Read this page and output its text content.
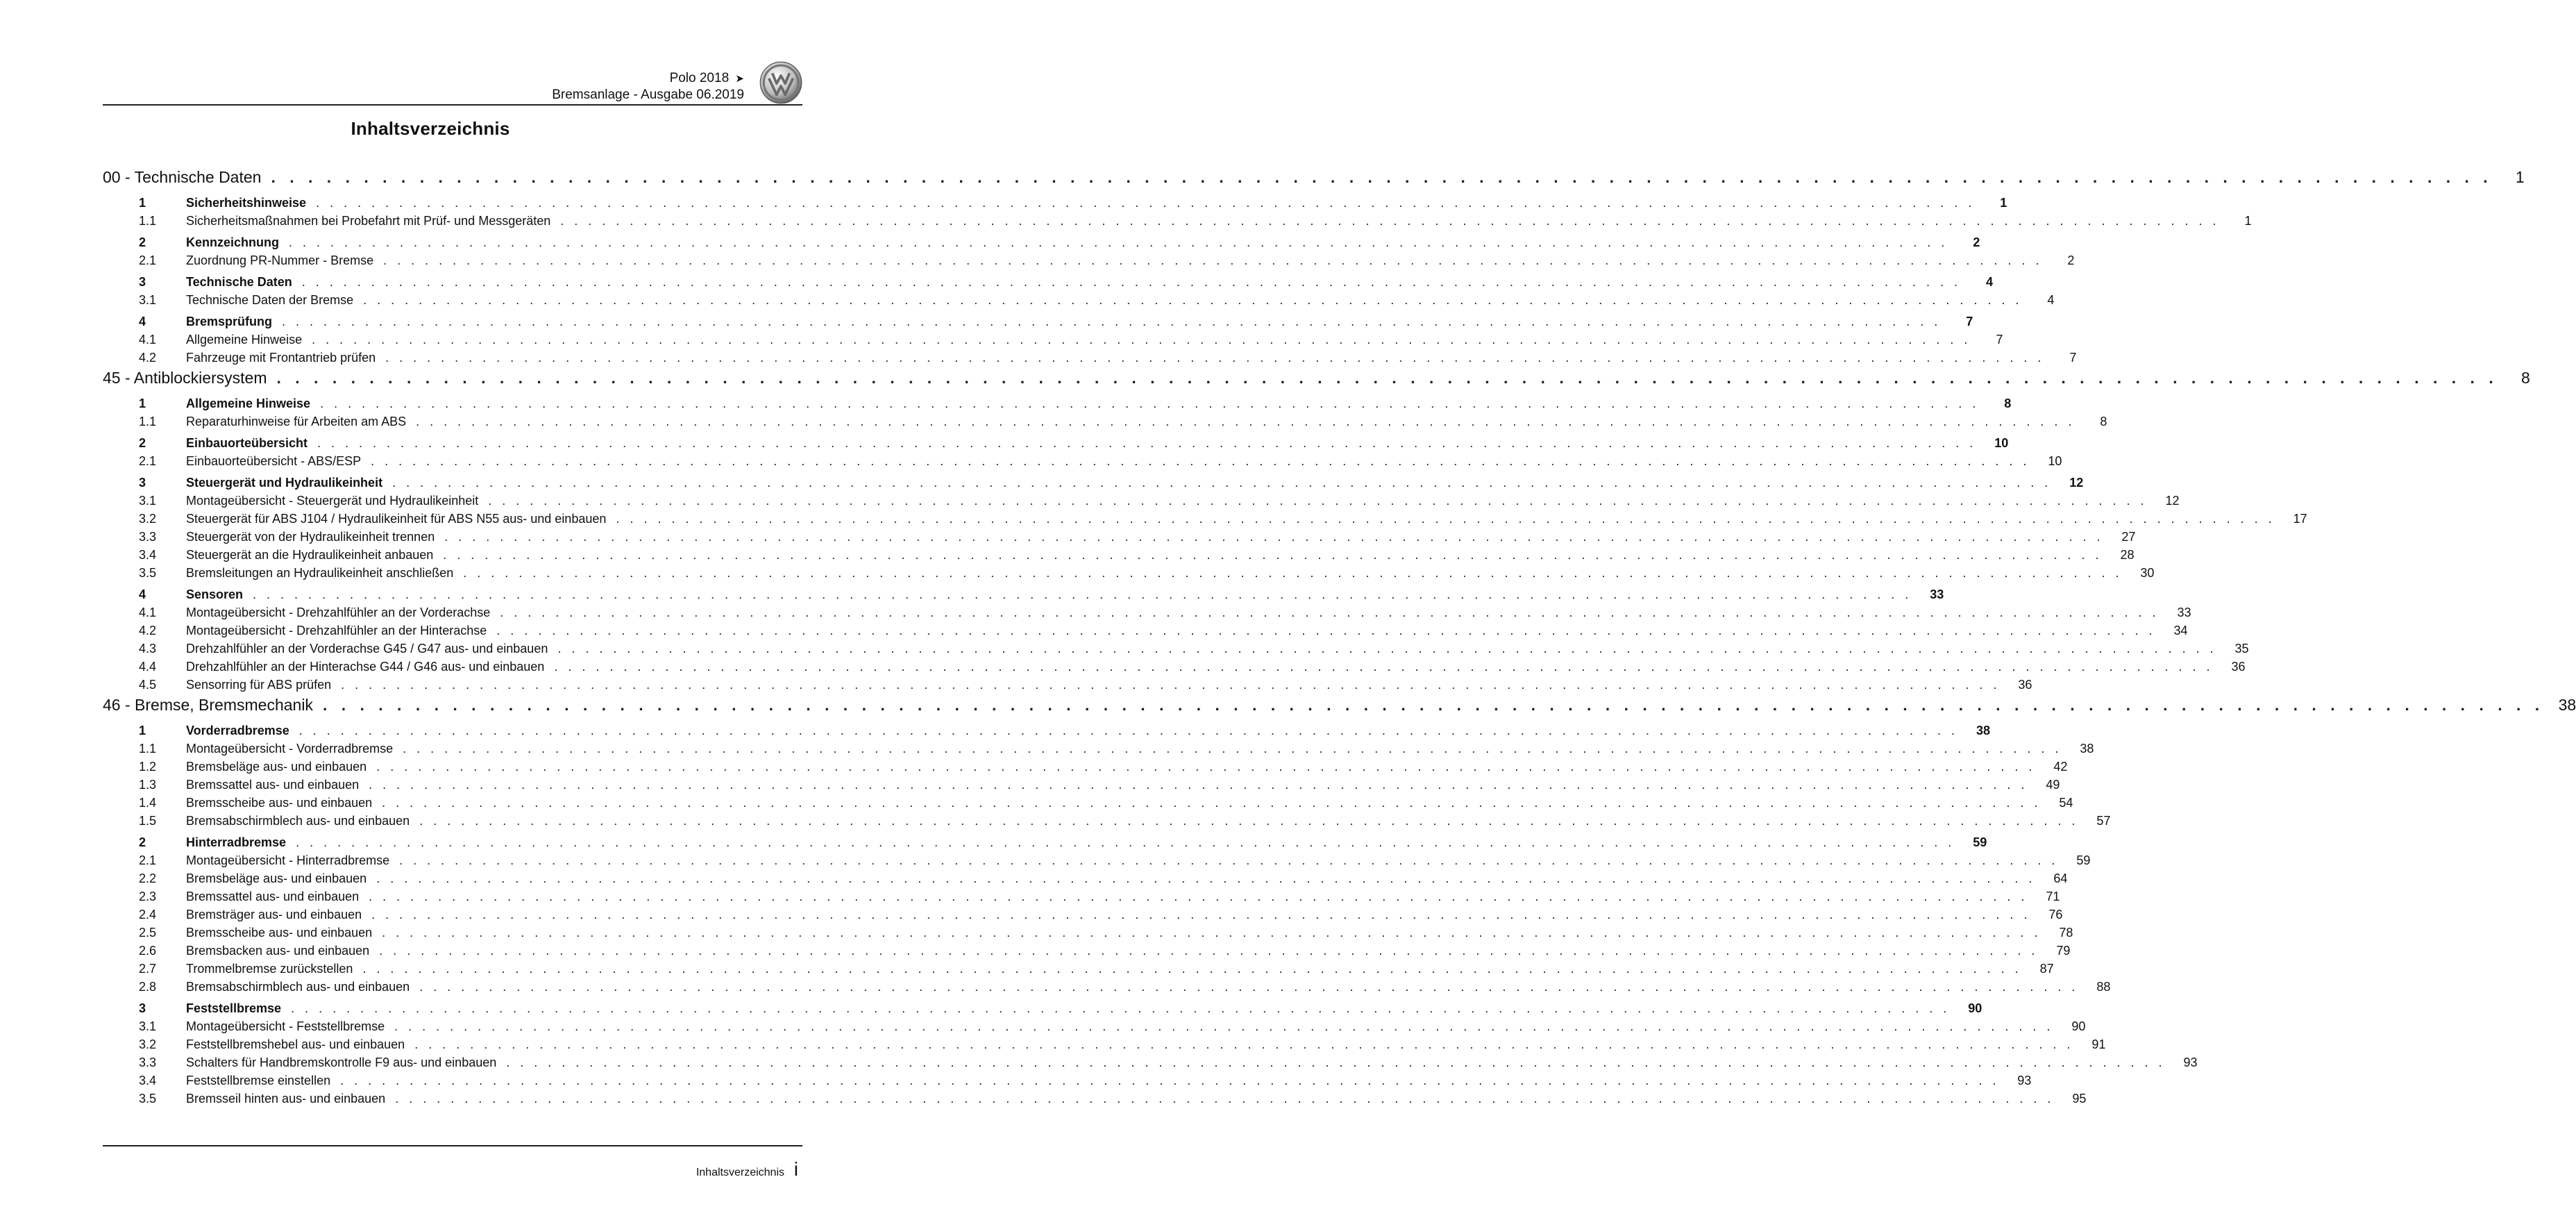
Polo 2018 ➤
Bremsanlage - Ausgabe 06.2019
Inhaltsverzeichnis
00 - Technische Daten . . . . . . . . . . . . . . . . . . . . . . . . . . . . . . . . . . . . . . . . . . . . . . . . . . . . . . . . . . . . . . . . . . . . . . . . . . . . . . . . . . . . . . . . . . . . . . . . . . . . . . . . . . . . . . . . . . . . . . . .	1
1	Sicherheitshinweise . . . . . . . . . . . . . . . . . . . . . . . . . . . . . . . . . . . . . . . . . . . . . . . . . . . . . . . . . . . . . . . . . . . . . . . . . . . . . . . . . . . . . . . . . . . . . . . . . . . . . . . . . . . . . . . . . . . . . . . .	1
1.1	Sicherheitsmaßnahmen bei Probefahrt mit Prüf- und Messgeräten . . . . . . . . . . . . . . . . . . . . . . . . . . . . . . . . . . . . . . . . . . . . . . . . . . . . . . . . . . . . . . . . . . . . . . . . . . . . . . . . . . . . . . . . . . . . . . . . . . . . . . . . . . . . . . . . . . . . . . . .	1
2	Kennzeichnung . . . . . . . . . . . . . . . . . . . . . . . . . . . . . . . . . . . . . . . . . . . . . . . . . . . . . . . . . . . . . . . . . . . . . . . . . . . . . . . . . . . . . . . . . . . . . . . . . . . . . . . . . . . . . . . . . . . . . . . .	2
2.1	Zuordnung PR-Nummer - Bremse . . . . . . . . . . . . . . . . . . . . . . . . . . . . . . . . . . . . . . . . . . . . . . . . . . . . . . . . . . . . . . . . . . . . . . . . . . . . . . . . . . . . . . . . . . . . . . . . . . . . . . . . . . . . . . . . . . . . . . . .	2
3	Technische Daten . . . . . . . . . . . . . . . . . . . . . . . . . . . . . . . . . . . . . . . . . . . . . . . . . . . . . . . . . . . . . . . . . . . . . . . . . . . . . . . . . . . . . . . . . . . . . . . . . . . . . . . . . . . . . . . . . . . . . . . .	4
3.1	Technische Daten der Bremse . . . . . . . . . . . . . . . . . . . . . . . . . . . . . . . . . . . . . . . . . . . . . . . . . . . . . . . . . . . . . . . . . . . . . . . . . . . . . . . . . . . . . . . . . . . . . . . . . . . . . . . . . . . . . . . . . . . . . . . .	4
4	Bremsprüfung . . . . . . . . . . . . . . . . . . . . . . . . . . . . . . . . . . . . . . . . . . . . . . . . . . . . . . . . . . . . . . . . . . . . . . . . . . . . . . . . . . . . . . . . . . . . . . . . . . . . . . . . . . . . . . . . . . . . . . . .	7
4.1	Allgemeine Hinweise . . . . . . . . . . . . . . . . . . . . . . . . . . . . . . . . . . . . . . . . . . . . . . . . . . . . . . . . . . . . . . . . . . . . . . . . . . . . . . . . . . . . . . . . . . . . . . . . . . . . . . . . . . . . . . . . . . . . . . . .	7
4.2	Fahrzeuge mit Frontantrieb prüfen . . . . . . . . . . . . . . . . . . . . . . . . . . . . . . . . . . . . . . . . . . . . . . . . . . . . . . . . . . . . . . . . . . . . . . . . . . . . . . . . . . . . . . . . . . . . . . . . . . . . . . . . . . . . . . . . . . . . . . . .	7
45 - Antiblockiersystem . . . . . . . . . . . . . . . . . . . . . . . . . . . . . . . . . . . . . . . . . . . . . . . . . . . . . . . . . . . . . . . . . . . . . . . . . . . . . . . . . . . . . . . . . . . . . . . . . . . . . . . . . . . . . . . . . . . . . . . .	8
1	Allgemeine Hinweise . . . . . . . . . . . . . . . . . . . . . . . . . . . . . . . . . . . . . . . . . . . . . . . . . . . . . . . . . . . . . . . . . . . . . . . . . . . . . . . . . . . . . . . . . . . . . . . . . . . . . . . . . . . . . . . . . . . . . . . .	8
1.1	Reparaturhinweise für Arbeiten am ABS . . . . . . . . . . . . . . . . . . . . . . . . . . . . . . . . . . . . . . . . . . . . . . . . . . . . . . . . . . . . . . . . . . . . . . . . . . . . . . . . . . . . . . . . . . . . . . . . . . . . . . . . . . . . . . . . . . . . . . . .	8
2	Einbauorteübersicht . . . . . . . . . . . . . . . . . . . . . . . . . . . . . . . . . . . . . . . . . . . . . . . . . . . . . . . . . . . . . . . . . . . . . . . . . . . . . . . . . . . . . . . . . . . . . . . . . . . . . . . . . . . . . . . . . . . . . . . .	10
2.1	Einbauorteübersicht - ABS/ESP . . . . . . . . . . . . . . . . . . . . . . . . . . . . . . . . . . . . . . . . . . . . . . . . . . . . . . . . . . . . . . . . . . . . . . . . . . . . . . . . . . . . . . . . . . . . . . . . . . . . . . . . . . . . . . . . . . . . . . . .	10
3	Steuergerät und Hydraulikeinheit . . . . . . . . . . . . . . . . . . . . . . . . . . . . . . . . . . . . . . . . . . . . . . . . . . . . . . . . . . . . . . . . . . . . . . . . . . . . . . . . . . . . . . . . . . . . . . . . . . . . . . . . . . . . . . . . . . . . . . . .	12
3.1	Montageübersicht - Steuergerät und Hydraulikeinheit . . . . . . . . . . . . . . . . . . . . . . . . . . . . . . . . . . . . . . . . . . . . . . . . . . . . . . . . . . . . . . . . . . . . . . . . . . . . . . . . . . . . . . . . . . . . . . . . . . . . . . . . . . . . . . . . . . . . . . . .	12
3.2	Steuergerät für ABS J104 / Hydraulikeinheit für ABS N55 aus- und einbauen . . . . . . . . . . . . . . . . . . . . . . . . . . . . . . . . . . . . . . . . . . . . . . . . . . . . . . . . . . . . . . . . . . . . . . . . . . . . . . . . . . . . . . . . . . . . . . . . . . . . . . . . . . . . . . . . . . . . . . . .	17
3.3	Steuergerät von der Hydraulikeinheit trennen . . . . . . . . . . . . . . . . . . . . . . . . . . . . . . . . . . . . . . . . . . . . . . . . . . . . . . . . . . . . . . . . . . . . . . . . . . . . . . . . . . . . . . . . . . . . . . . . . . . . . . . . . . . . . . . . . . . . . . . .	27
3.4	Steuergerät an die Hydraulikeinheit anbauen . . . . . . . . . . . . . . . . . . . . . . . . . . . . . . . . . . . . . . . . . . . . . . . . . . . . . . . . . . . . . . . . . . . . . . . . . . . . . . . . . . . . . . . . . . . . . . . . . . . . . . . . . . . . . . . . . . . . . . . .	28
3.5	Bremsleitungen an Hydraulikeinheit anschließen . . . . . . . . . . . . . . . . . . . . . . . . . . . . . . . . . . . . . . . . . . . . . . . . . . . . . . . . . . . . . . . . . . . . . . . . . . . . . . . . . . . . . . . . . . . . . . . . . . . . . . . . . . . . . . . . . . . . . . . .	30
4	Sensoren . . . . . . . . . . . . . . . . . . . . . . . . . . . . . . . . . . . . . . . . . . . . . . . . . . . . . . . . . . . . . . . . . . . . . . . . . . . . . . . . . . . . . . . . . . . . . . . . . . . . . . . . . . . . . . . . . . . . . . . .	33
4.1	Montageübersicht - Drehzahlfühler an der Vorderachse . . . . . . . . . . . . . . . . . . . . . . . . . . . . . . . . . . . . . . . . . . . . . . . . . . . . . . . . . . . . . . . . . . . . . . . . . . . . . . . . . . . . . . . . . . . . . . . . . . . . . . . . . . . . . . . . . . . . . . . .	33
4.2	Montageübersicht - Drehzahlfühler an der Hinterachse . . . . . . . . . . . . . . . . . . . . . . . . . . . . . . . . . . . . . . . . . . . . . . . . . . . . . . . . . . . . . . . . . . . . . . . . . . . . . . . . . . . . . . . . . . . . . . . . . . . . . . . . . . . . . . . . . . . . . . . .	34
4.3	Drehzahlfühler an der Vorderachse G45 / G47 aus- und einbauen . . . . . . . . . . . . . . . . . . . . . . . . . . . . . . . . . . . . . . . . . . . . . . . . . . . . . . . . . . . . . . . . . . . . . . . . . . . . . . . . . . . . . . . . . . . . . . . . . . . . . . . . . . . . . . . . . . . . . . . .	35
4.4	Drehzahlfühler an der Hinterachse G44 / G46 aus- und einbauen . . . . . . . . . . . . . . . . . . . . . . . . . . . . . . . . . . . . . . . . . . . . . . . . . . . . . . . . . . . . . . . . . . . . . . . . . . . . . . . . . . . . . . . . . . . . . . . . . . . . . . . . . . . . . . . . . . . . . . . .	36
4.5	Sensorring für ABS prüfen . . . . . . . . . . . . . . . . . . . . . . . . . . . . . . . . . . . . . . . . . . . . . . . . . . . . . . . . . . . . . . . . . . . . . . . . . . . . . . . . . . . . . . . . . . . . . . . . . . . . . . . . . . . . . . . . . . . . . . . .	36
46 - Bremse, Bremsmechanik . . . . . . . . . . . . . . . . . . . . . . . . . . . . . . . . . . . . . . . . . . . . . . . . . . . . . . . . . . . . . . . . . . . . . . . . . . . . . . . . . . . . . . . . . . . . . . . . . . . . . . . . . . . . . . . . . . . . . . . . 38
1	Vorderradbremse . . . . . . . . . . . . . . . . . . . . . . . . . . . . . . . . . . . . . . . . . . . . . . . . . . . . . . . . . . . . . . . . . . . . . . . . . . . . . . . . . . . . . . . . . . . . . . . . . . . . . . . . . . . . . . . . . . . . . . . .	38
1.1	Montageübersicht - Vorderradbremse . . . . . . . . . . . . . . . . . . . . . . . . . . . . . . . . . . . . . . . . . . . . . . . . . . . . . . . . . . . . . . . . . . . . . . . . . . . . . . . . . . . . . . . . . . . . . . . . . . . . . . . . . . . . . . . . . . . . . . . .	38
1.2	Bremsbeläge aus- und einbauen . . . . . . . . . . . . . . . . . . . . . . . . . . . . . . . . . . . . . . . . . . . . . . . . . . . . . . . . . . . . . . . . . . . . . . . . . . . . . . . . . . . . . . . . . . . . . . . . . . . . . . . . . . . . . . . . . . . . . . . .	42
1.3	Bremssattel aus- und einbauen . . . . . . . . . . . . . . . . . . . . . . . . . . . . . . . . . . . . . . . . . . . . . . . . . . . . . . . . . . . . . . . . . . . . . . . . . . . . . . . . . . . . . . . . . . . . . . . . . . . . . . . . . . . . . . . . . . . . . . . .	49
1.4	Bremsscheibe aus- und einbauen . . . . . . . . . . . . . . . . . . . . . . . . . . . . . . . . . . . . . . . . . . . . . . . . . . . . . . . . . . . . . . . . . . . . . . . . . . . . . . . . . . . . . . . . . . . . . . . . . . . . . . . . . . . . . . . . . . . . . . . .	54
1.5	Bremsabschirmblech aus- und einbauen . . . . . . . . . . . . . . . . . . . . . . . . . . . . . . . . . . . . . . . . . . . . . . . . . . . . . . . . . . . . . . . . . . . . . . . . . . . . . . . . . . . . . . . . . . . . . . . . . . . . . . . . . . . . . . . . . . . . . . . .	57
2	Hinterradbremse . . . . . . . . . . . . . . . . . . . . . . . . . . . . . . . . . . . . . . . . . . . . . . . . . . . . . . . . . . . . . . . . . . . . . . . . . . . . . . . . . . . . . . . . . . . . . . . . . . . . . . . . . . . . . . . . . . . . . . . .	59
2.1	Montageübersicht - Hinterradbremse . . . . . . . . . . . . . . . . . . . . . . . . . . . . . . . . . . . . . . . . . . . . . . . . . . . . . . . . . . . . . . . . . . . . . . . . . . . . . . . . . . . . . . . . . . . . . . . . . . . . . . . . . . . . . . . . . . . . . . . .	59
2.2	Bremsbeläge aus- und einbauen . . . . . . . . . . . . . . . . . . . . . . . . . . . . . . . . . . . . . . . . . . . . . . . . . . . . . . . . . . . . . . . . . . . . . . . . . . . . . . . . . . . . . . . . . . . . . . . . . . . . . . . . . . . . . . . . . . . . . . . .	64
2.3	Bremssattel aus- und einbauen . . . . . . . . . . . . . . . . . . . . . . . . . . . . . . . . . . . . . . . . . . . . . . . . . . . . . . . . . . . . . . . . . . . . . . . . . . . . . . . . . . . . . . . . . . . . . . . . . . . . . . . . . . . . . . . . . . . . . . . .	71
2.4	Bremsträger aus- und einbauen . . . . . . . . . . . . . . . . . . . . . . . . . . . . . . . . . . . . . . . . . . . . . . . . . . . . . . . . . . . . . . . . . . . . . . . . . . . . . . . . . . . . . . . . . . . . . . . . . . . . . . . . . . . . . . . . . . . . . . . .	76
2.5	Bremsscheibe aus- und einbauen . . . . . . . . . . . . . . . . . . . . . . . . . . . . . . . . . . . . . . . . . . . . . . . . . . . . . . . . . . . . . . . . . . . . . . . . . . . . . . . . . . . . . . . . . . . . . . . . . . . . . . . . . . . . . . . . . . . . . . . .	78
2.6	Bremsbacken aus- und einbauen . . . . . . . . . . . . . . . . . . . . . . . . . . . . . . . . . . . . . . . . . . . . . . . . . . . . . . . . . . . . . . . . . . . . . . . . . . . . . . . . . . . . . . . . . . . . . . . . . . . . . . . . . . . . . . . . . . . . . . . .	79
2.7	Trommelbremse zurückstellen . . . . . . . . . . . . . . . . . . . . . . . . . . . . . . . . . . . . . . . . . . . . . . . . . . . . . . . . . . . . . . . . . . . . . . . . . . . . . . . . . . . . . . . . . . . . . . . . . . . . . . . . . . . . . . . . . . . . . . . .	87
2.8	Bremsabschirmblech aus- und einbauen . . . . . . . . . . . . . . . . . . . . . . . . . . . . . . . . . . . . . . . . . . . . . . . . . . . . . . . . . . . . . . . . . . . . . . . . . . . . . . . . . . . . . . . . . . . . . . . . . . . . . . . . . . . . . . . . . . . . . . . .	88
3	Feststellbremse . . . . . . . . . . . . . . . . . . . . . . . . . . . . . . . . . . . . . . . . . . . . . . . . . . . . . . . . . . . . . . . . . . . . . . . . . . . . . . . . . . . . . . . . . . . . . . . . . . . . . . . . . . . . . . . . . . . . . . . .	90
3.1	Montageübersicht - Feststellbremse . . . . . . . . . . . . . . . . . . . . . . . . . . . . . . . . . . . . . . . . . . . . . . . . . . . . . . . . . . . . . . . . . . . . . . . . . . . . . . . . . . . . . . . . . . . . . . . . . . . . . . . . . . . . . . . . . . . . . . . .	90
3.2	Feststellbremshebel aus- und einbauen . . . . . . . . . . . . . . . . . . . . . . . . . . . . . . . . . . . . . . . . . . . . . . . . . . . . . . . . . . . . . . . . . . . . . . . . . . . . . . . . . . . . . . . . . . . . . . . . . . . . . . . . . . . . . . . . . . . . . . . .	91
3.3	Schalters für Handbremskontrolle F9 aus- und einbauen . . . . . . . . . . . . . . . . . . . . . . . . . . . . . . . . . . . . . . . . . . . . . . . . . . . . . . . . . . . . . . . . . . . . . . . . . . . . . . . . . . . . . . . . . . . . . . . . . . . . . . . . . . . . . . . . . . . . . . . .	93
3.4	Feststellbremse einstellen . . . . . . . . . . . . . . . . . . . . . . . . . . . . . . . . . . . . . . . . . . . . . . . . . . . . . . . . . . . . . . . . . . . . . . . . . . . . . . . . . . . . . . . . . . . . . . . . . . . . . . . . . . . . . . . . . . . . . . . .	93
3.5	Bremsseil hinten aus- und einbauen . . . . . . . . . . . . . . . . . . . . . . . . . . . . . . . . . . . . . . . . . . . . . . . . . . . . . . . . . . . . . . . . . . . . . . . . . . . . . . . . . . . . . . . . . . . . . . . . . . . . . . . . . . . . . . . . . . . . . . . .	95
Inhaltsverzeichnis i
